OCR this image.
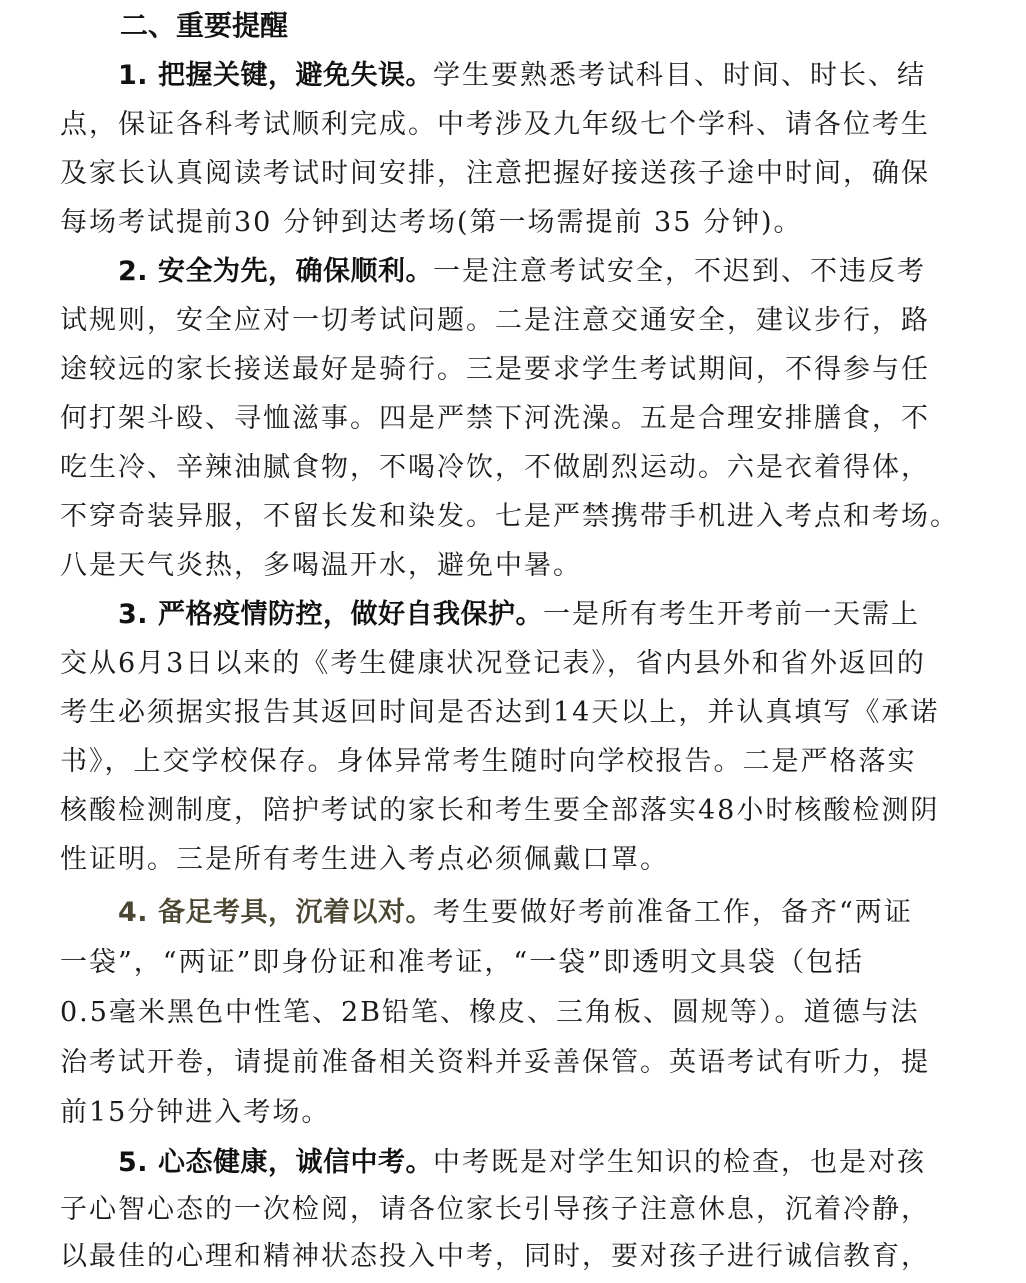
二、重要提醒
1. 把握关键，避免失误。学生要熟悉考试科目、时间、时长、结
点，保证各科考试顺利完成。中考涉及九年级七个学科、请各位考生
及家长认真阅读考试时间安排，注意把握好接送孩子途中时间，确保
每场考试提前30 分钟到达考场(第一场需提前 35 分钟)。
2. 安全为先，确保顺利。一是注意考试安全，不迟到、不违反考
试规则，安全应对一切考试问题。二是注意交通安全，建议步行，路
途较远的家长接送最好是骑行。三是要求学生考试期间，不得参与任
何打架斗殴、寻恤滋事。四是严禁下河洗澡。五是合理安排膳食，不
吃生冷、辛辣油腻食物，不喝冷饮，不做剧烈运动。六是衣着得体，
不穿奇装异服，不留长发和染发。七是严禁携带手机进入考点和考场。
八是天气炎热，多喝温开水，避免中暑。
3. 严格疫情防控，做好自我保护。一是所有考生开考前一天需上
交从6月3日以来的《考生健康状况登记表》，省内县外和省外返回的
考生必须据实报告其返回时间是否达到14天以上，并认真填写《承诺
书》，上交学校保存。身体异常考生随时向学校报告。二是严格落实
核酸检测制度，陪护考试的家长和考生要全部落实48小时核酸检测阴
性证明。三是所有考生进入考点必须佩戴口罩。
4. 备足考具，沉着以对。考生要做好考前准备工作，备齐“两证
一袋”，“两证”即身份证和准考证，“一袋”即透明文具袋（包括
0.5毫米黑色中性笔、2B铅笔、橡皮、三角板、圆规等）。道德与法
治考试开卷，请提前准备相关资料并妥善保管。英语考试有听力，提
前15分钟进入考场。
5. 心态健康，诚信中考。中考既是对学生知识的检查，也是对孩
子心智心态的一次检阅，请各位家长引导孩子注意休息，沉着冷静，
以最佳的心理和精神状态投入中考，同时，要对孩子进行诚信教育，
